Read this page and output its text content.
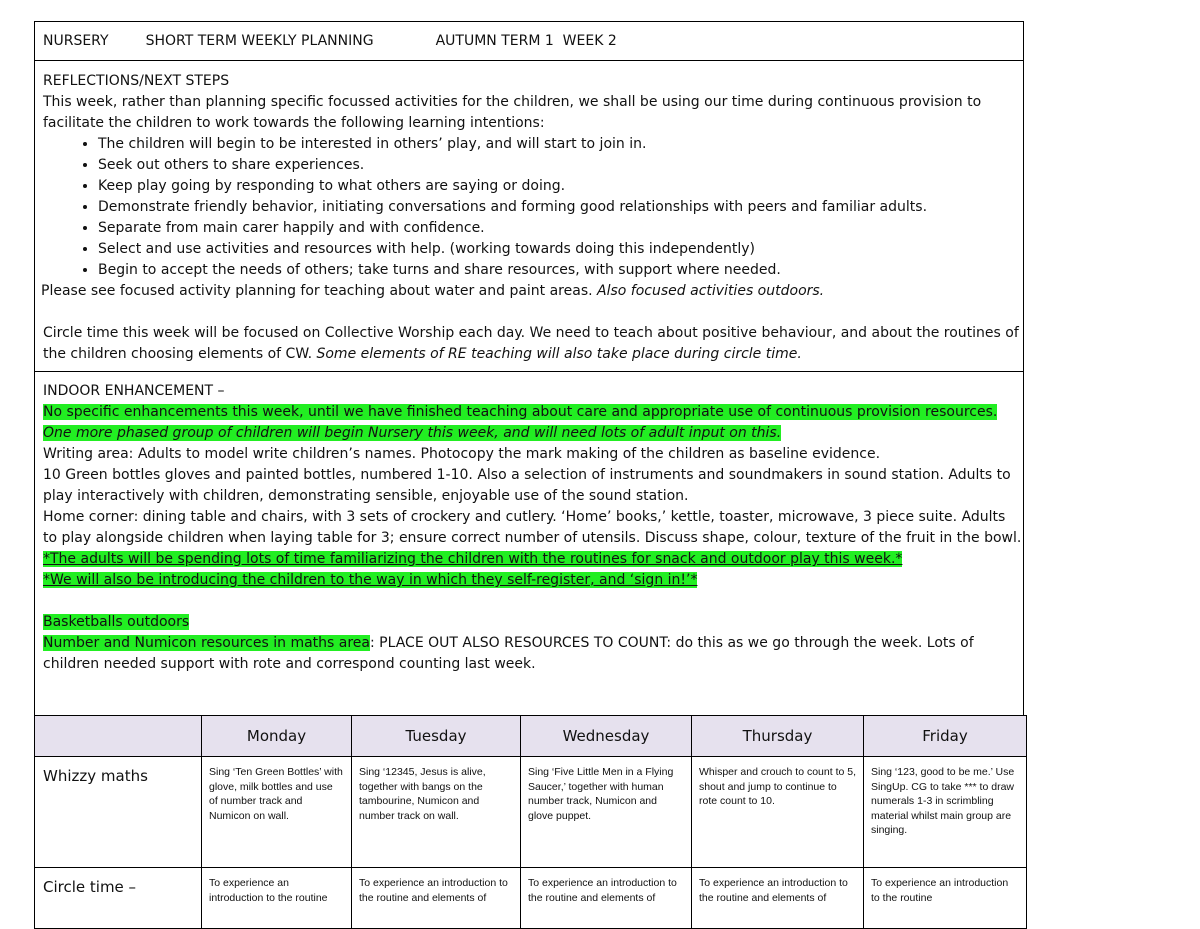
NURSERY	SHORT TERM WEEKLY PLANNING	AUTUMN TERM 1  WEEK 2
REFLECTIONS/NEXT STEPS
This week, rather than planning specific focussed activities for the children, we shall be using our time during continuous provision to facilitate the children to work towards the following learning intentions:
• The children will begin to be interested in others’ play, and will start to join in.
• Seek out others to share experiences.
• Keep play going by responding to what others are saying or doing.
• Demonstrate friendly behavior, initiating conversations and forming good relationships with peers and familiar adults.
• Separate from main carer happily and with confidence.
• Select and use activities and resources with help. (working towards doing this independently)
• Begin to accept the needs of others; take turns and share resources, with support where needed.
Please see focused activity planning for teaching about water and paint areas. Also focused activities outdoors.
Circle time this week will be focused on Collective Worship each day. We need to teach about positive behaviour, and about the routines of the children choosing elements of CW. Some elements of RE teaching will also take place during circle time.
INDOOR ENHANCEMENT –
No specific enhancements this week, until we have finished teaching about care and appropriate use of continuous provision resources.
One more phased group of children will begin Nursery this week, and will need lots of adult input on this.
Writing area: Adults to model write children’s names. Photocopy the mark making of the children as baseline evidence.
10 Green bottles gloves and painted bottles, numbered 1-10. Also a selection of instruments and soundmakers in sound station. Adults to play interactively with children, demonstrating sensible, enjoyable use of the sound station.
Home corner: dining table and chairs, with 3 sets of crockery and cutlery. ‘Home’ books,’ kettle, toaster, microwave, 3 piece suite. Adults to play alongside children when laying table for 3; ensure correct number of utensils. Discuss shape, colour, texture of the fruit in the bowl.
*The adults will be spending lots of time familiarizing the children with the routines for snack and outdoor play this week.*
*We will also be introducing the children to the way in which they self-register, and ‘sign in!’*
Basketballs outdoors
Number and Numicon resources in maths area: PLACE OUT ALSO RESOURCES TO COUNT: do this as we go through the week. Lots of children needed support with rote and correspond counting last week.
	Monday	Tuesday	Wednesday	Thursday	Friday
Whizzy maths	Sing ‘Ten Green Bottles’ with glove, milk bottles and use of number track and Numicon on wall.	Sing ‘12345, Jesus is alive, together with bangs on the tambourine, Numicon and number track on wall.	Sing ‘Five Little Men in a Flying Saucer,’ together with human number track, Numicon and glove puppet.	Whisper and crouch to count to 5, shout and jump to continue to rote count to 10.	Sing ‘123, good to be me.’ Use SingUp. CG to take *** to draw numerals 1-3 in scrimbling material whilst main group are singing.
Circle time –	To experience an introduction to the routine	To experience an introduction to the routine and elements of	To experience an introduction to the routine and elements of	To experience an introduction to the routine and elements of	To experience an introduction to the routine
